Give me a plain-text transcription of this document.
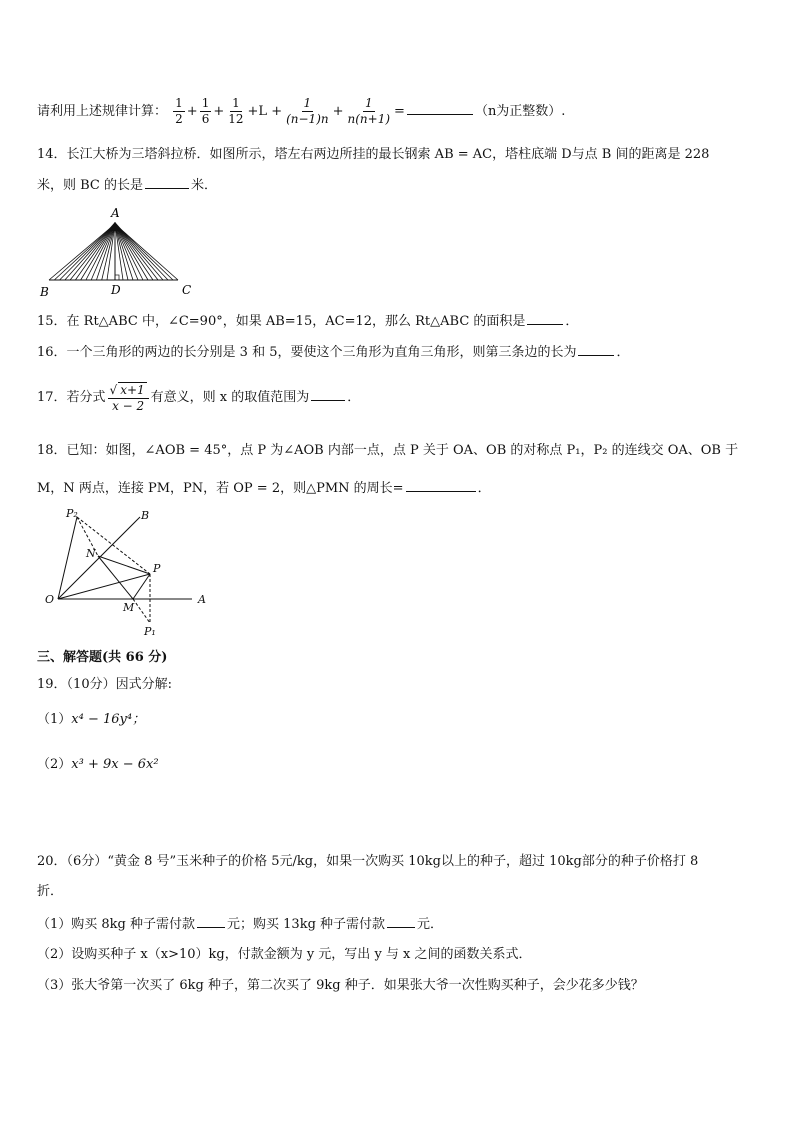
请利用上述规律计算： $\frac{1}{2} + \frac{1}{6} + \frac{1}{12} +L + \frac{1}{(n-1)n} + \frac{1}{n(n+1)}$ =	（n为正整数）.
14．长江大桥为三塔斜拉桥．如图所示，塔左右两边所挂的最长钢索 AB = AC，塔柱底端 D与点 B 间的距离是 228
米，则 BC 的长是	米．
A
B	D	C
15．在 Rt△ABC 中，∠C=90°，如果 AB=15，AC=12，那么 Rt△ABC 的面积是	．
16．一个三角形的两边的长分别是 3 和 5，要使这个三角形为直角三角形，则第三条边的长为	．
17．若分式 $\frac{√ x+1}{x - 2}$ 有意义，则 x 的取值范围为	．
18．已知：如图，∠AOB = 45°，点 P 为∠AOB 内部一点，点 P 关于 OA、OB 的对称点 P₁，P₂ 的连线交 OA、OB 于
M，N 两点，连接 PM，PN，若 OP = 2，则△PMN 的周长=	．
P₂	B
N
P
O
M
A
P₁
三、解答题(共 66 分)
19．（10分）因式分解:
（1）x⁴ − 16y⁴；
（2）x³ + 9x − 6x²
20．（6分）“黄金 8 号”玉米种子的价格 5元/kg，如果一次购买 10kg以上的种子，超过 10kg部分的种子价格打 8
折．
（1）购买 8kg 种子需付款 元；购买 13kg 种子需付款 元．
（2）设购买种子 x（x>10）kg，付款金额为 y 元，写出 y 与 x 之间的函数关系式．
（3）张大爷第一次买了 6kg 种子，第二次买了 9kg 种子．如果张大爷一次性购买种子，会少花多少钱？
